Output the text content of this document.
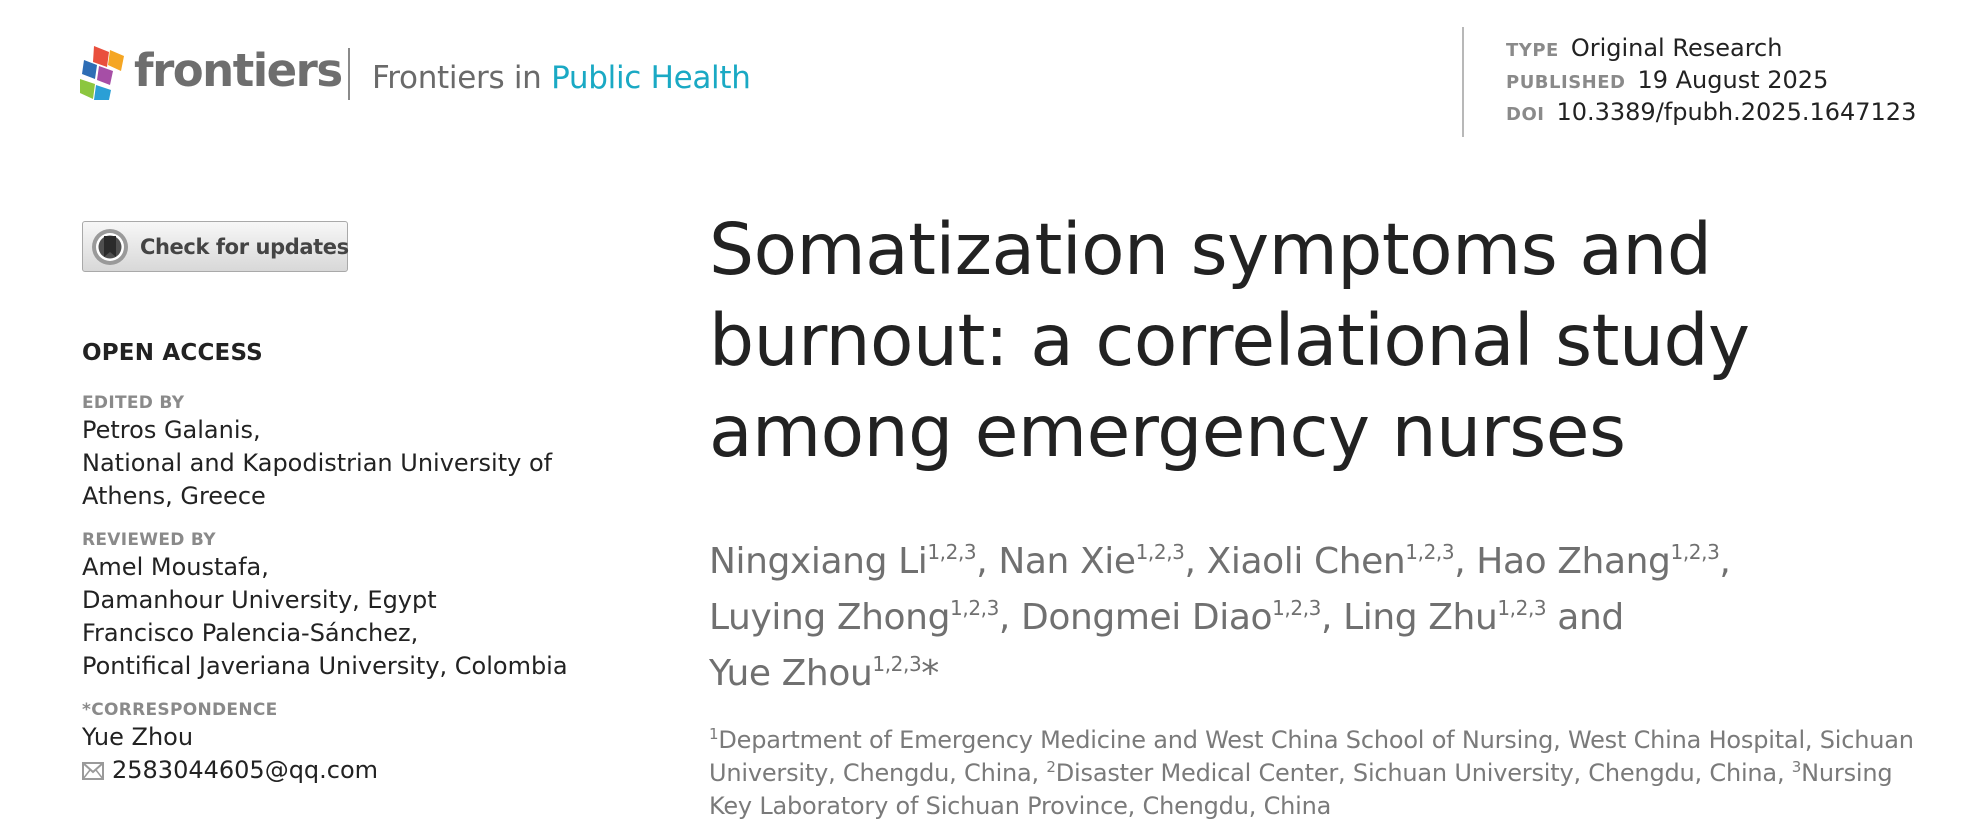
frontiers Frontiers in Public Health
TYPE Original Research
PUBLISHED 19 August 2025
DOI 10.3389/fpubh.2025.1647123
Check for updates
OPEN ACCESS
EDITED BY
Petros Galanis,
National and Kapodistrian University of
Athens, Greece
REVIEWED BY
Amel Moustafa,
Damanhour University, Egypt
Francisco Palencia-Sánchez,
Pontifical Javeriana University, Colombia
*CORRESPONDENCE
Yue Zhou
2583044605@qq.com
Somatization symptoms and
burnout: a correlational study
among emergency nurses
Ningxiang Li$^{1,2,3}$, Nan Xie$^{1,2,3}$, Xiaoli Chen$^{1,2,3}$, Hao Zhang$^{1,2,3}$,
Luying Zhong$^{1,2,3}$, Dongmei Diao$^{1,2,3}$, Ling Zhu$^{1,2,3}$ and
Yue Zhou$^{1,2,3}$*
$^1$Department of Emergency Medicine and West China School of Nursing, West China Hospital, Sichuan
University, Chengdu, China, $^2$Disaster Medical Center, Sichuan University, Chengdu, China, $^3$Nursing
Key Laboratory of Sichuan Province, Chengdu, China
